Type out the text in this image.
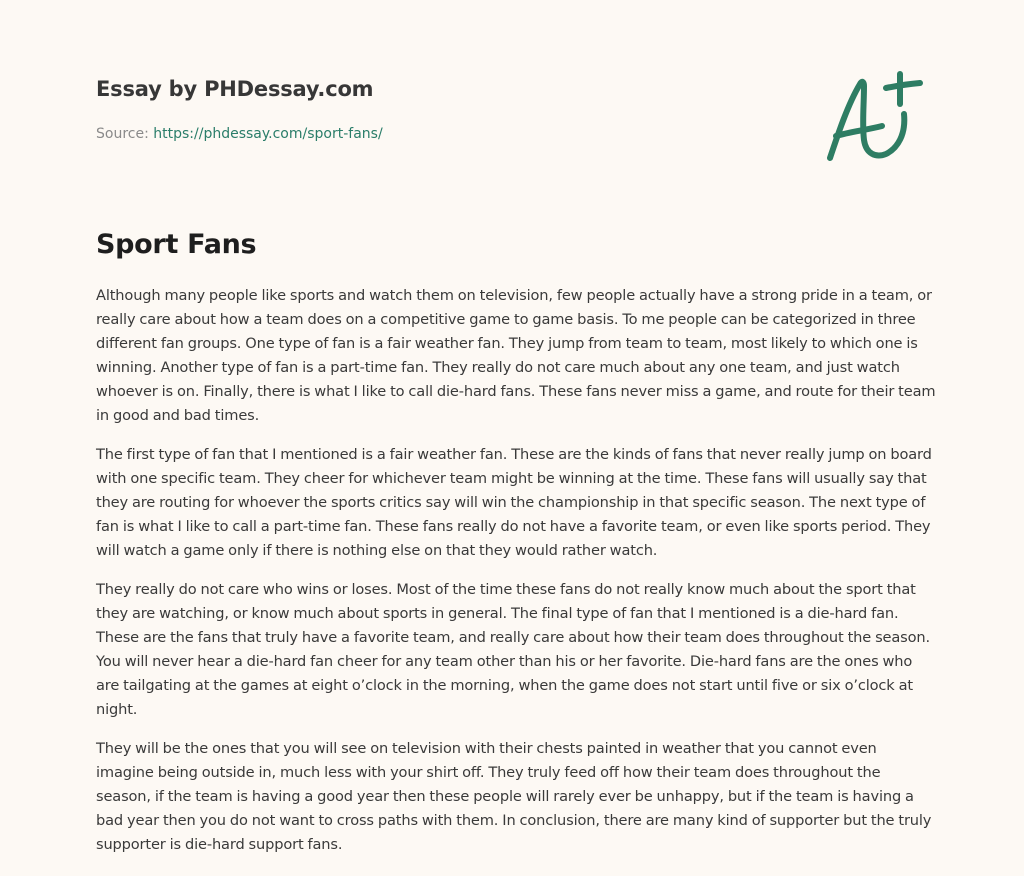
Essay by PHDessay.com
Source: https://phdessay.com/sport-fans/
Sport Fans

Although many people like sports and watch them on television, few people actually have a strong pride in a team, or really care about how a team does on a competitive game to game basis. To me people can be categorized in three different fan groups. One type of fan is a fair weather fan. They jump from team to team, most likely to which one is winning. Another type of fan is a part-time fan. They really do not care much about any one team, and just watch whoever is on. Finally, there is what I like to call die-hard fans. These fans never miss a game, and route for their team in good and bad times.

The first type of fan that I mentioned is a fair weather fan. These are the kinds of fans that never really jump on board with one specific team. They cheer for whichever team might be winning at the time. These fans will usually say that they are routing for whoever the sports critics say will win the championship in that specific season. The next type of fan is what I like to call a part-time fan. These fans really do not have a favorite team, or even like sports period. They will watch a game only if there is nothing else on that they would rather watch.

They really do not care who wins or loses. Most of the time these fans do not really know much about the sport that they are watching, or know much about sports in general. The final type of fan that I mentioned is a die-hard fan. These are the fans that truly have a favorite team, and really care about how their team does throughout the season. You will never hear a die-hard fan cheer for any team other than his or her favorite. Die-hard fans are the ones who are tailgating at the games at eight o’clock in the morning, when the game does not start until five or six o’clock at night.

They will be the ones that you will see on television with their chests painted in weather that you cannot even imagine being outside in, much less with your shirt off. They truly feed off how their team does throughout the season, if the team is having a good year then these people will rarely ever be unhappy, but if the team is having a bad year then you do not want to cross paths with them. In conclusion, there are many kind of supporter but the truly supporter is die-hard support fans.
